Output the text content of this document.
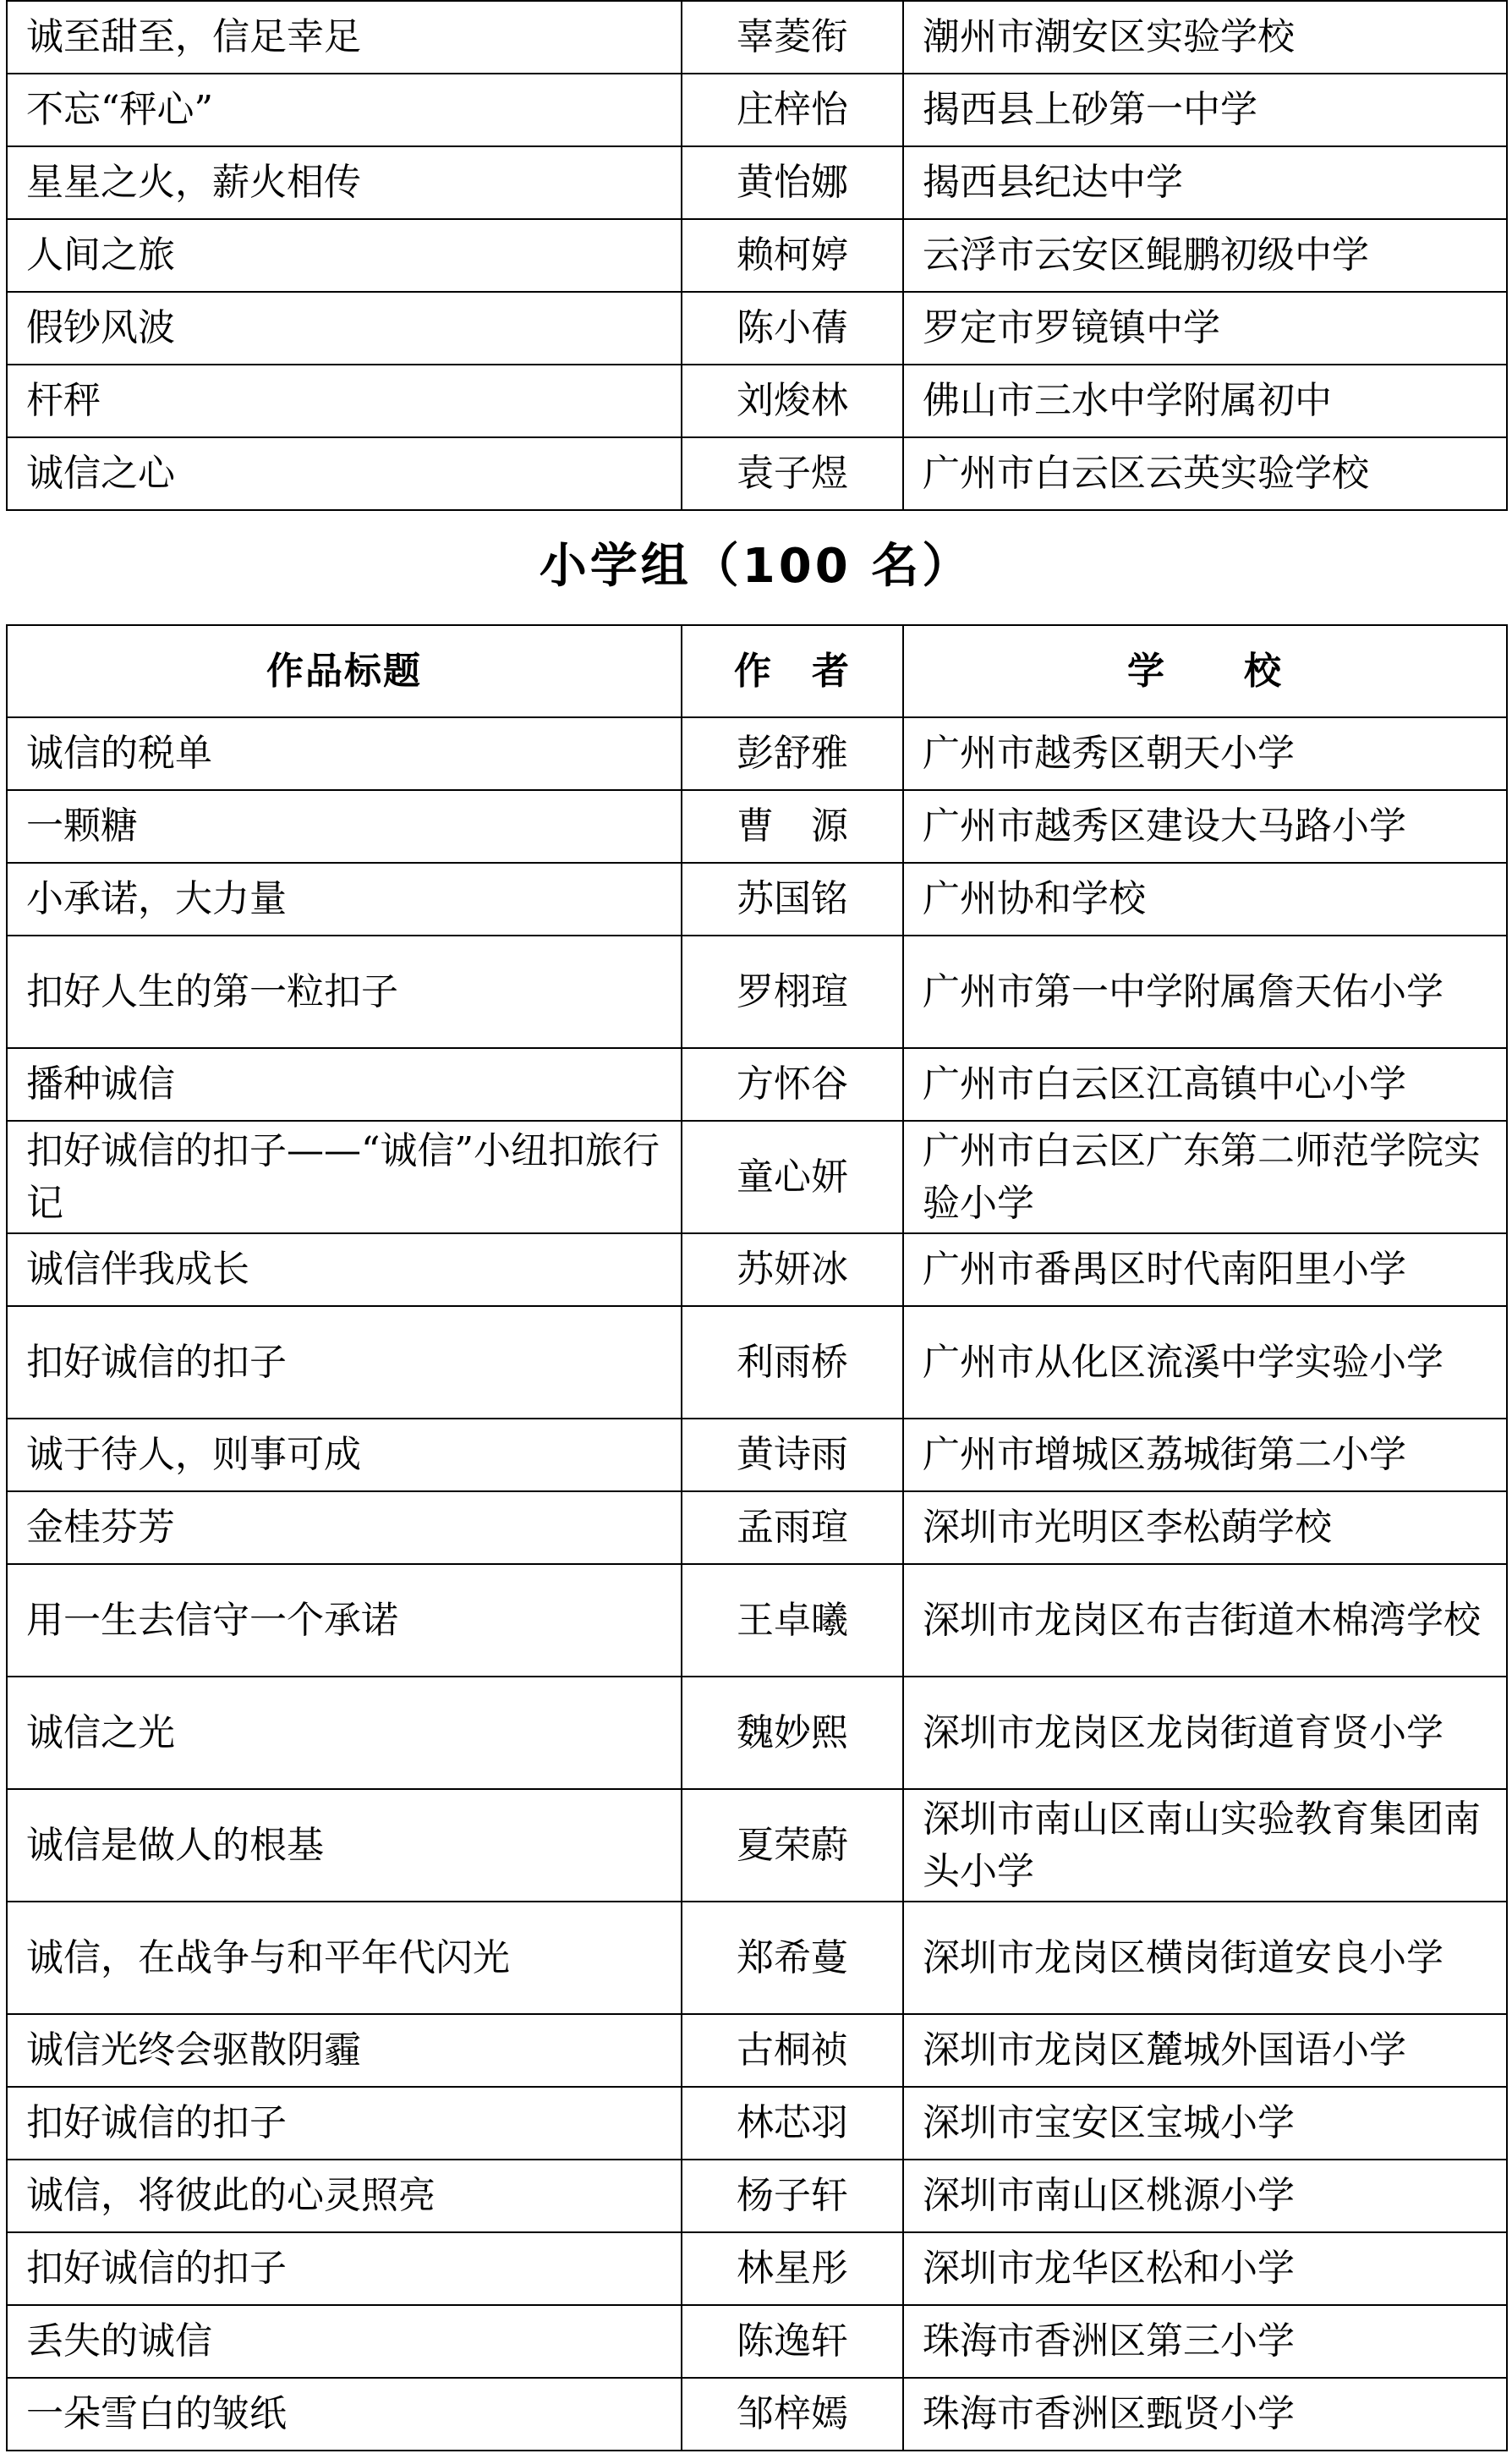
诚至甜至，信足幸足	辜菱衔	潮州市潮安区实验学校
不忘“秤心”	庄梓怡	揭西县上砂第一中学
星星之火，薪火相传	黄怡娜	揭西县纪达中学
人间之旅	赖柯婷	云浮市云安区鲲鹏初级中学
假钞风波	陈小蒨	罗定市罗镜镇中学
杆秤	刘焌林	佛山市三水中学附属初中
诚信之心	袁子煜	广州市白云区云英实验学校
小学组（100 名）
作品标题	作　者	学　　校
诚信的税单	彭舒雅	广州市越秀区朝天小学
一颗糖	曹　源	广州市越秀区建设大马路小学
小承诺，大力量	苏国铭	广州协和学校
扣好人生的第一粒扣子	罗栩瑄	广州市第一中学附属詹天佑小学
播种诚信	方怀谷	广州市白云区江高镇中心小学
扣好诚信的扣子——“诚信”小纽扣旅行记	童心妍	广州市白云区广东第二师范学院实验小学
诚信伴我成长	苏妍冰	广州市番禺区时代南阳里小学
扣好诚信的扣子	利雨桥	广州市从化区流溪中学实验小学
诚于待人，则事可成	黄诗雨	广州市增城区荔城街第二小学
金桂芬芳	孟雨瑄	深圳市光明区李松蓢学校
用一生去信守一个承诺	王卓曦	深圳市龙岗区布吉街道木棉湾学校
诚信之光	魏妙熙	深圳市龙岗区龙岗街道育贤小学
诚信是做人的根基	夏荣蔚	深圳市南山区南山实验教育集团南头小学
诚信，在战争与和平年代闪光	郑希蔓	深圳市龙岗区横岗街道安良小学
诚信光终会驱散阴霾	古桐祯	深圳市龙岗区麓城外国语小学
扣好诚信的扣子	林芯羽	深圳市宝安区宝城小学
诚信，将彼此的心灵照亮	杨子轩	深圳市南山区桃源小学
扣好诚信的扣子	林星彤	深圳市龙华区松和小学
丢失的诚信	陈逸轩	珠海市香洲区第三小学
一朵雪白的皱纸	邹梓嫣	珠海市香洲区甄贤小学
